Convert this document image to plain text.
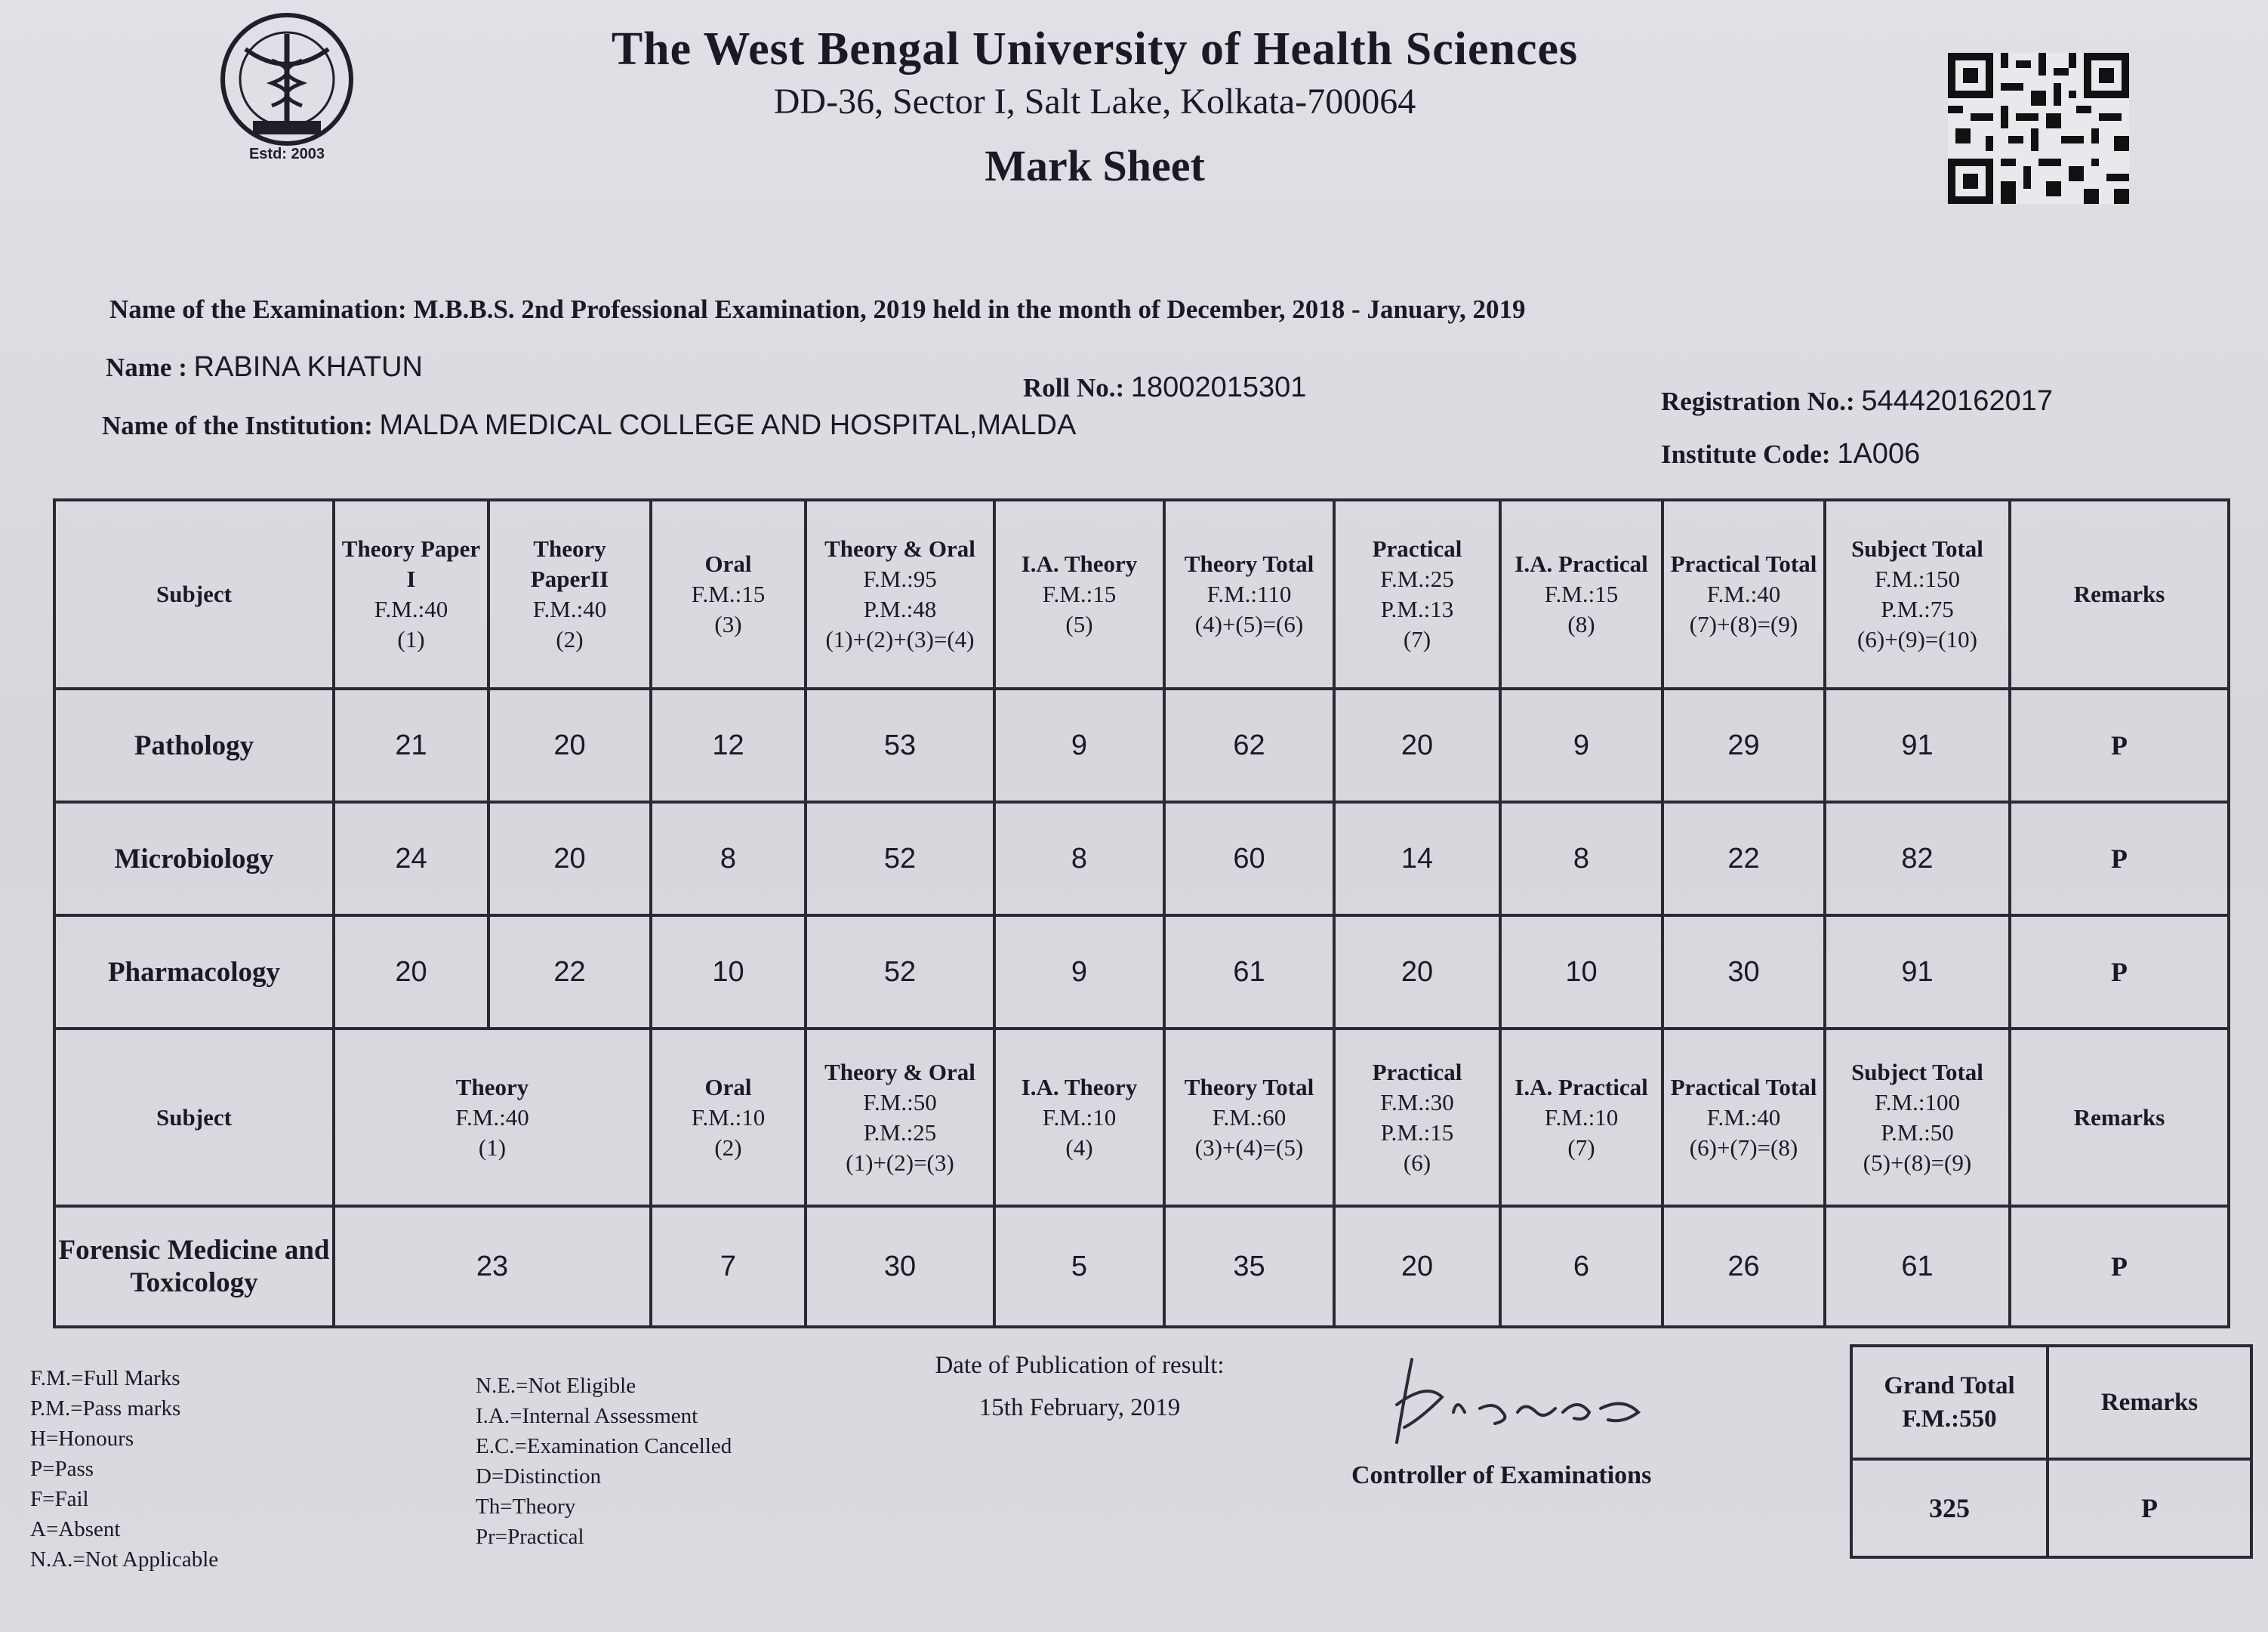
Estd: 2003
The West Bengal University of Health Sciences
DD-36, Sector I, Salt Lake, Kolkata-700064
Mark Sheet
Name of the Examination: M.B.B.S. 2nd Professional Examination, 2019 held in the month of December, 2018 - January, 2019
Name : RABINA KHATUN
Roll No.: 18002015301	Registration No.: 544420162017
Name of the Institution: MALDA MEDICAL COLLEGE AND HOSPITAL,MALDA
Institute Code: 1A006
Subject	Theory Paper I
F.M.:40
(1)	Theory PaperII
F.M.:40
(2)	Oral
F.M.:15
(3)	Theory & Oral
F.M.:95
P.M.:48
(1)+(2)+(3)=(4)	I.A. Theory
F.M.:15
(5)	Theory Total
F.M.:110
(4)+(5)=(6)	Practical
F.M.:25
P.M.:13
(7)	I.A. Practical
F.M.:15
(8)	Practical Total
F.M.:40
(7)+(8)=(9)	Subject Total
F.M.:150
P.M.:75
(6)+(9)=(10)	Remarks
Pathology	21	20	12	53	9	62	20	9	29	91	P
Microbiology	24	20	8	52	8	60	14	8	22	82	P
Pharmacology	20	22	10	52	9	61	20	10	30	91	P
Subject	Theory
F.M.:40
(1)		Oral
F.M.:10
(2)	Theory & Oral
F.M.:50
P.M.:25
(1)+(2)=(3)	I.A. Theory
F.M.:10
(4)	Theory Total
F.M.:60
(3)+(4)=(5)	Practical
F.M.:30
P.M.:15
(6)	I.A. Practical
F.M.:10
(7)	Practical Total
F.M.:40
(6)+(7)=(8)	Subject Total
F.M.:100
P.M.:50
(5)+(8)=(9)	Remarks
Forensic Medicine and Toxicology	23		7	30	5	35	20	6	26	61	P
F.M.=Full Marks
P.M.=Pass marks
H=Honours
P=Pass
F=Fail
A=Absent
N.A.=Not Applicable
N.E.=Not Eligible
I.A.=Internal Assessment
E.C.=Examination Cancelled
D=Distinction
Th=Theory
Pr=Practical
Date of Publication of result:
15th February, 2019
Controller of Examinations
Grand Total
F.M.:550	Remarks
325	P
